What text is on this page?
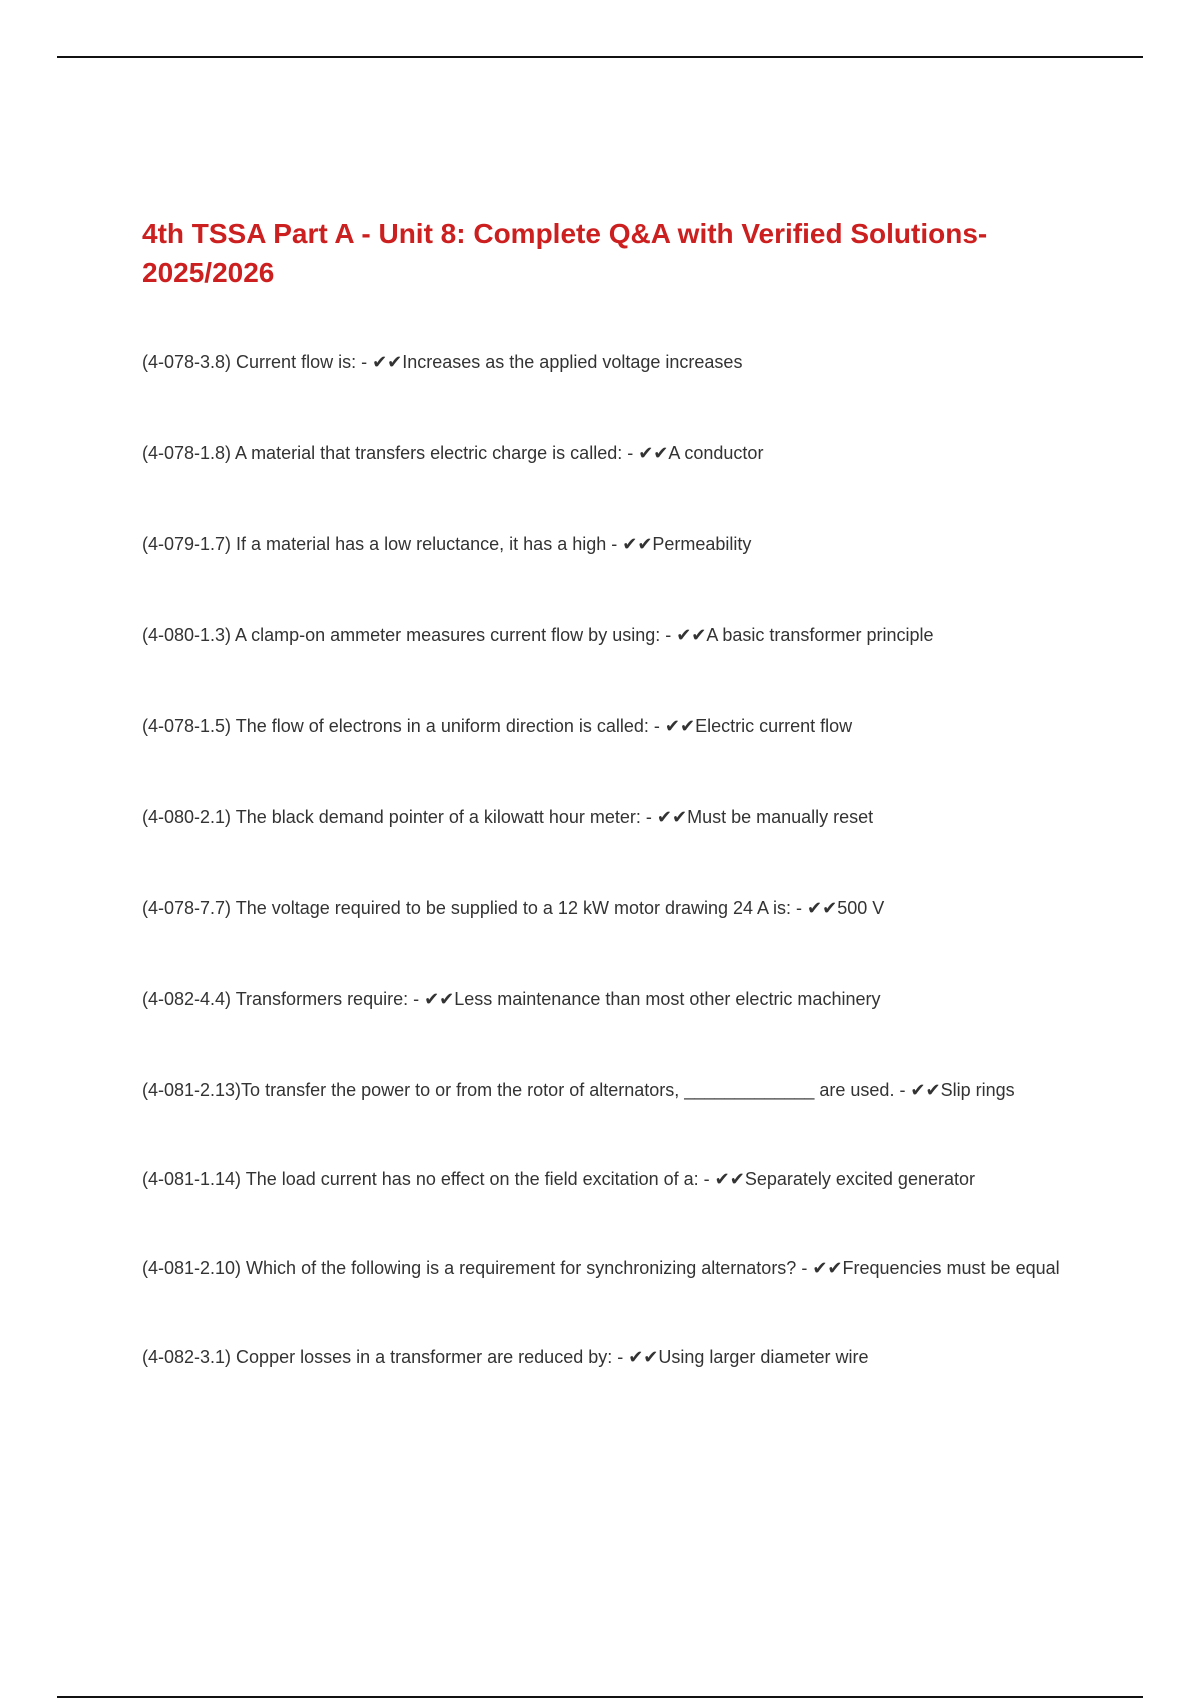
4th TSSA Part A - Unit 8: Complete Q&A with Verified Solutions- 2025/2026
(4-078-3.8) Current flow is: - ✔✔Increases as the applied voltage increases
(4-078-1.8) A material that transfers electric charge is called: - ✔✔A conductor
(4-079-1.7) If a material has a low reluctance, it has a high - ✔✔Permeability
(4-080-1.3) A clamp-on ammeter measures current flow by using: - ✔✔A basic transformer principle
(4-078-1.5) The flow of electrons in a uniform direction is called: - ✔✔Electric current flow
(4-080-2.1) The black demand pointer of a kilowatt hour meter: - ✔✔Must be manually reset
(4-078-7.7) The voltage required to be supplied to a 12 kW motor drawing 24 A is: - ✔✔500 V
(4-082-4.4) Transformers require: - ✔✔Less maintenance than most other electric machinery
(4-081-2.13)To transfer the power to or from the rotor of alternators, _____________ are used. - ✔✔Slip rings
(4-081-1.14) The load current has no effect on the field excitation of a: - ✔✔Separately excited generator
(4-081-2.10) Which of the following is a requirement for synchronizing alternators? - ✔✔Frequencies must be equal
(4-082-3.1) Copper losses in a transformer are reduced by: - ✔✔Using larger diameter wire
